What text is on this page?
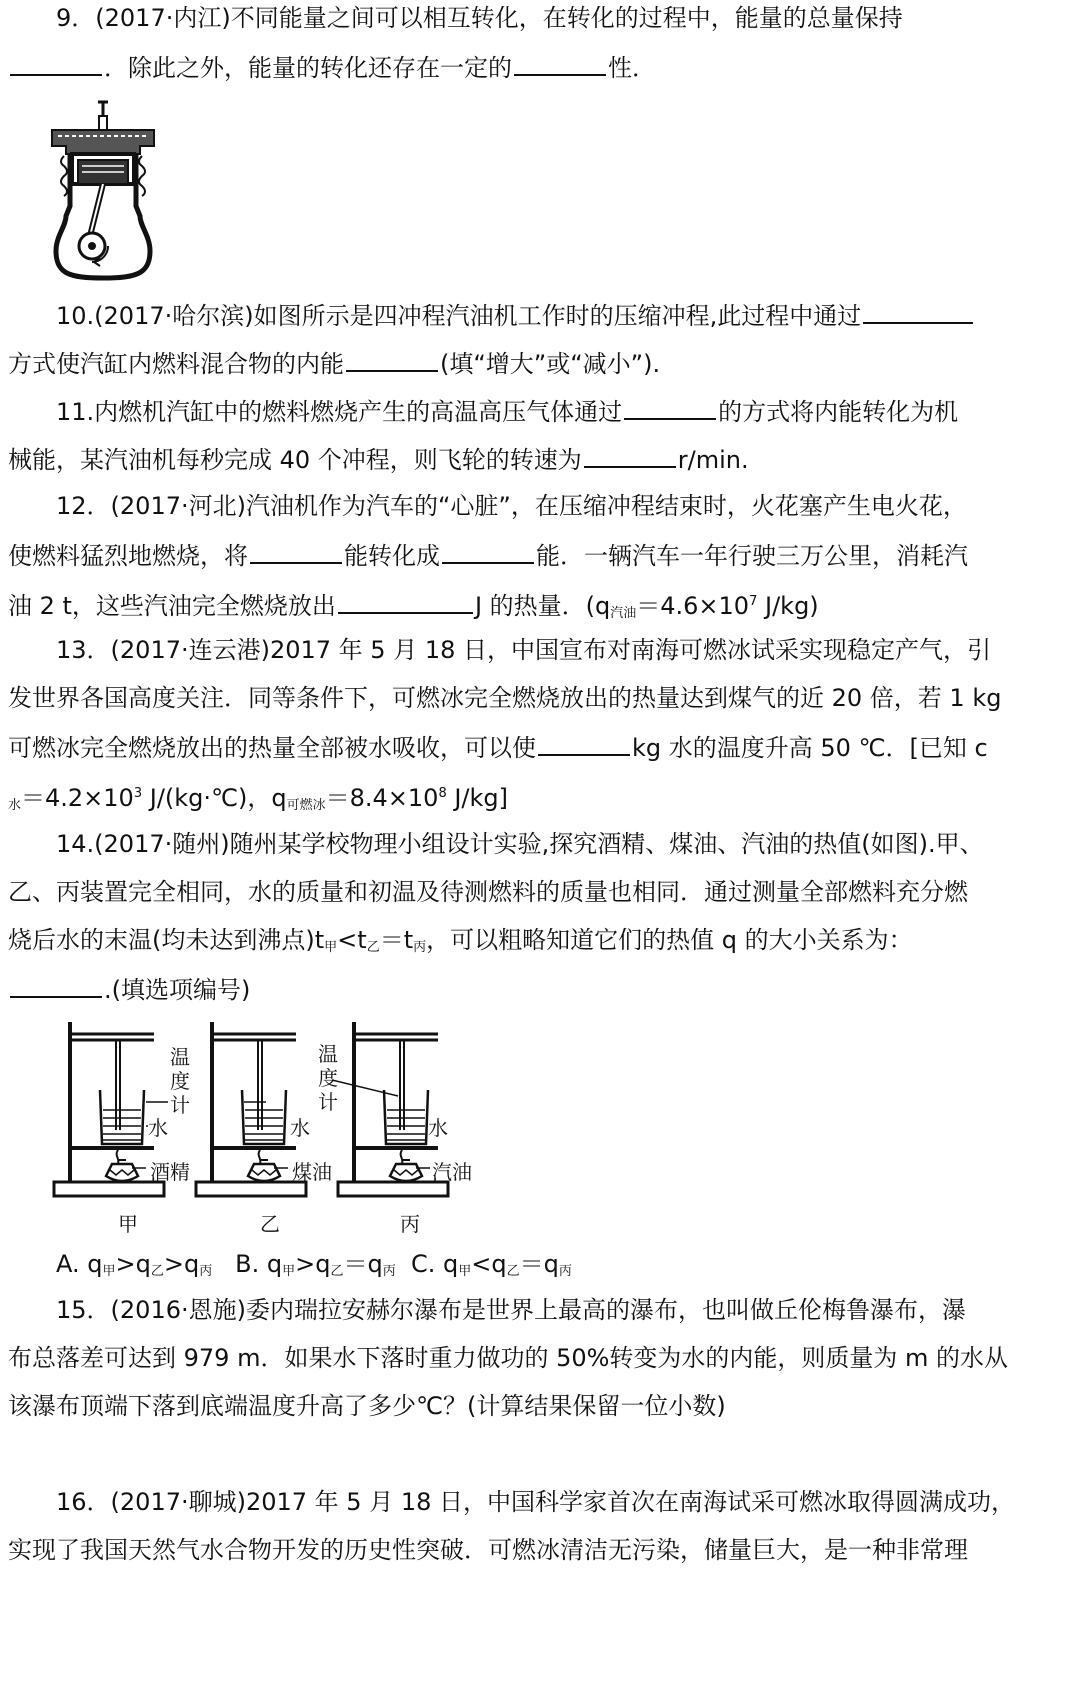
9．(2017·内江)不同能量之间可以相互转化，在转化的过程中，能量的总量保持
．除此之外，能量的转化还存在一定的	性．
10.(2017·哈尔滨)如图所示是四冲程汽油机工作时的压缩冲程,此过程中通过
方式使汽缸内燃料混合物的内能	(填“增大”或“减小”).
11.内燃机汽缸中的燃料燃烧产生的高温高压气体通过	的方式将内能转化为机
械能，某汽油机每秒完成 40 个冲程，则飞轮的转速为	r/min.
12．(2017·河北)汽油机作为汽车的“心脏”，在压缩冲程结束时，火花塞产生电火花，
使燃料猛烈地燃烧，将	能转化成	能．一辆汽车一年行驶三万公里，消耗汽
油 2 t，这些汽油完全燃烧放出	J 的热量．($q_{汽油}=4.6\times 10^7$ J/kg)
13．(2017·连云港)2017 年 5 月 18 日，中国宣布对南海可燃冰试采实现稳定产气，引
发世界各国高度关注．同等条件下，可燃冰完全燃烧放出的热量达到煤气的近 20 倍，若 1 kg
可燃冰完全燃烧放出的热量全部被水吸收，可以使	kg 水的温度升高 50 ℃．[已知 c
$_水=4.2\times 10^3$ J/(kg·℃)，$q_{可燃冰}=8.4\times 10^8$ J/kg]
14.(2017·随州)随州某学校物理小组设计实验,探究酒精、煤油、汽油的热值(如图).甲、
乙、丙装置完全相同，水的质量和初温及待测燃料的质量也相同．通过测量全部燃料充分燃
烧后水的末温(均未达到沸点)$t_甲<t_乙=t_丙$，可以粗略知道它们的热值 q 的大小关系为：
.(填选项编号)
温度计
水
酒精
甲
水
煤油
乙
温度计
水
汽油
丙
A. $q_甲>q_乙>q_丙$ B. $q_甲>q_乙=q_丙$ C. $q_甲<q_乙=q_丙$
15．(2016·恩施)委内瑞拉安赫尔瀑布是世界上最高的瀑布，也叫做丘伦梅鲁瀑布，瀑
布总落差可达到 979 m．如果水下落时重力做功的 50%转变为水的内能，则质量为 m 的水从
该瀑布顶端下落到底端温度升高了多少℃？(计算结果保留一位小数)
16．(2017·聊城)2017 年 5 月 18 日，中国科学家首次在南海试采可燃冰取得圆满成功，
实现了我国天然气水合物开发的历史性突破．可燃冰清洁无污染，储量巨大，是一种非常理
